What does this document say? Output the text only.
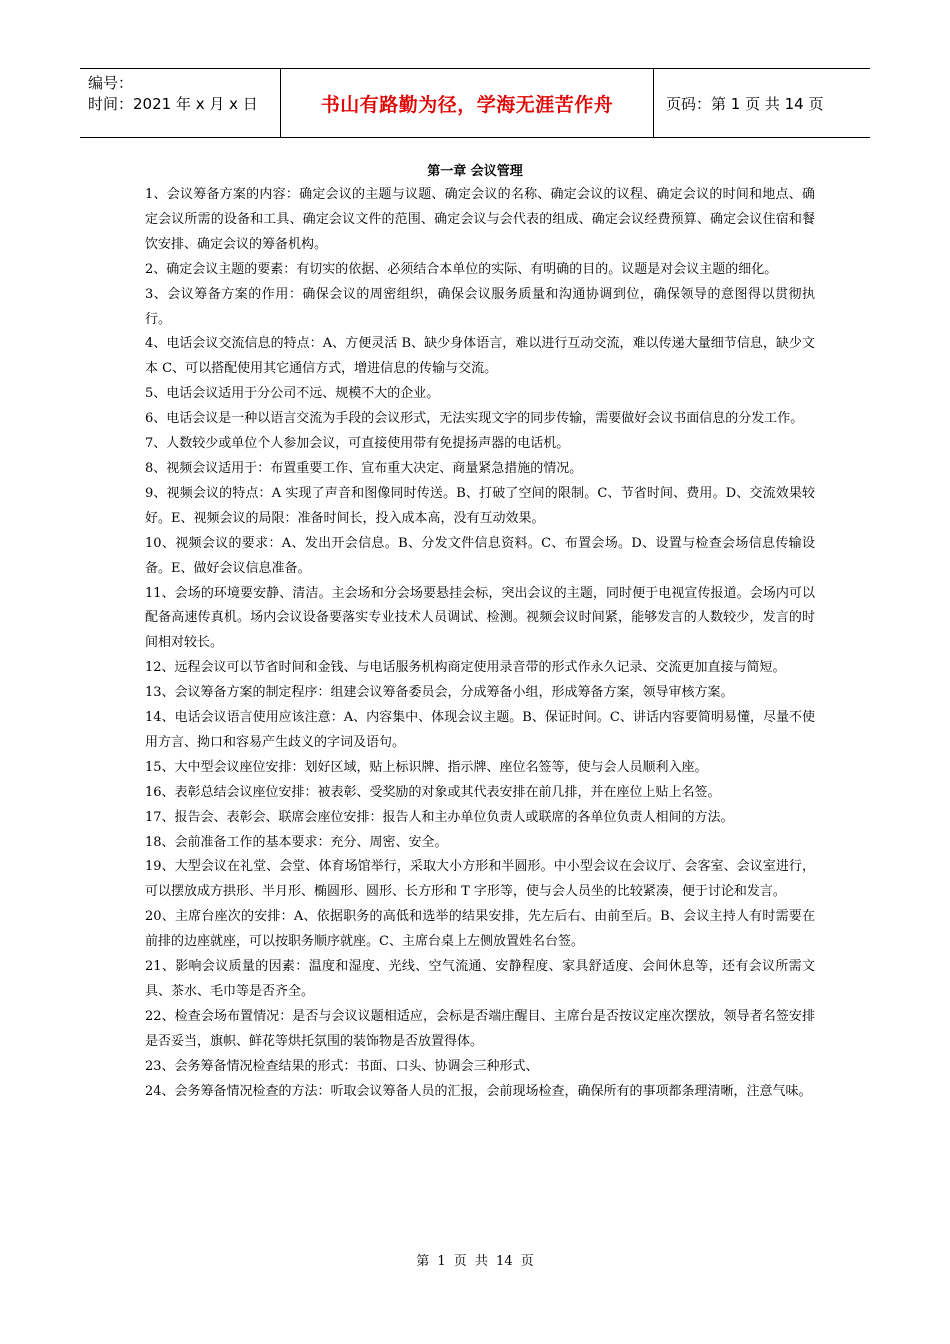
编号：
时间：2021 年 x 月 x 日	书山有路勤为径，学海无涯苦作舟	页码：第 1 页 共 14 页
第一章 会议管理

1、会议筹备方案的内容：确定会议的主题与议题、确定会议的名称、确定会议的议程、确定会议的时间和地点、确定会议所需的设备和工具、确定会议文件的范围、确定会议与会代表的组成、确定会议经费预算、确定会议住宿和餐饮安排、确定会议的筹备机构。

2、确定会议主题的要素：有切实的依据、必须结合本单位的实际、有明确的目的。议题是对会议主题的细化。

3、会议筹备方案的作用：确保会议的周密组织，确保会议服务质量和沟通协调到位，确保领导的意图得以贯彻执行。

4、电话会议交流信息的特点：A、方便灵活 B、缺少身体语言，难以进行互动交流，难以传递大量细节信息，缺少文本 C、可以搭配使用其它通信方式，增进信息的传输与交流。

5、电话会议适用于分公司不远、规模不大的企业。

6、电话会议是一种以语言交流为手段的会议形式，无法实现文字的同步传输，需要做好会议书面信息的分发工作。

7、人数较少或单位个人参加会议，可直接使用带有免提扬声器的电话机。

8、视频会议适用于：布置重要工作、宣布重大决定、商量紧急措施的情况。

9、视频会议的特点：A 实现了声音和图像同时传送。B、打破了空间的限制。C、节省时间、费用。D、交流效果较好。E、视频会议的局限：准备时间长，投入成本高，没有互动效果。

10、视频会议的要求：A、发出开会信息。B、分发文件信息资料。C、布置会场。D、设置与检查会场信息传输设备。E、做好会议信息准备。

11、会场的环境要安静、清洁。主会场和分会场要悬挂会标，突出会议的主题，同时便于电视宣传报道。会场内可以配备高速传真机。场内会议设备要落实专业技术人员调试、检测。视频会议时间紧，能够发言的人数较少，发言的时间相对较长。

12、远程会议可以节省时间和金钱、与电话服务机构商定使用录音带的形式作永久记录、交流更加直接与简短。

13、会议筹备方案的制定程序：组建会议筹备委员会，分成筹备小组，形成筹备方案，领导审核方案。

14、电话会议语言使用应该注意：A、内容集中、体现会议主题。B、保证时间。C、讲话内容要简明易懂，尽量不使用方言、拗口和容易产生歧义的字词及语句。

15、大中型会议座位安排：划好区域，贴上标识牌、指示牌、座位名签等，使与会人员顺利入座。

16、表彰总结会议座位安排：被表彰、受奖励的对象或其代表安排在前几排，并在座位上贴上名签。

17、报告会、表彰会、联席会座位安排：报告人和主办单位负责人或联席的各单位负责人相间的方法。

18、会前准备工作的基本要求：充分、周密、安全。

19、大型会议在礼堂、会堂、体育场馆举行，采取大小方形和半圆形。中小型会议在会议厅、会客室、会议室进行，可以摆放成方拱形、半月形、椭圆形、圆形、长方形和 T 字形等，使与会人员坐的比较紧凑，便于讨论和发言。

20、主席台座次的安排：A、依据职务的高低和选举的结果安排，先左后右、由前至后。B、会议主持人有时需要在前排的边座就座，可以按职务顺序就座。C、主席台桌上左侧放置姓名台签。

21、影响会议质量的因素：温度和湿度、光线、空气流通、安静程度、家具舒适度、会间休息等，还有会议所需文具、茶水、毛巾等是否齐全。

22、检查会场布置情况：是否与会议议题相适应，会标是否端庄醒目、主席台是否按议定座次摆放，领导者名签安排是否妥当，旗帜、鲜花等烘托氛围的装饰物是否放置得体。

23、会务筹备情况检查结果的形式：书面、口头、协调会三种形式、

24、会务筹备情况检查的方法：听取会议筹备人员的汇报，会前现场检查，确保所有的事项都条理清晰，注意气味。

第 1 页 共 14 页
